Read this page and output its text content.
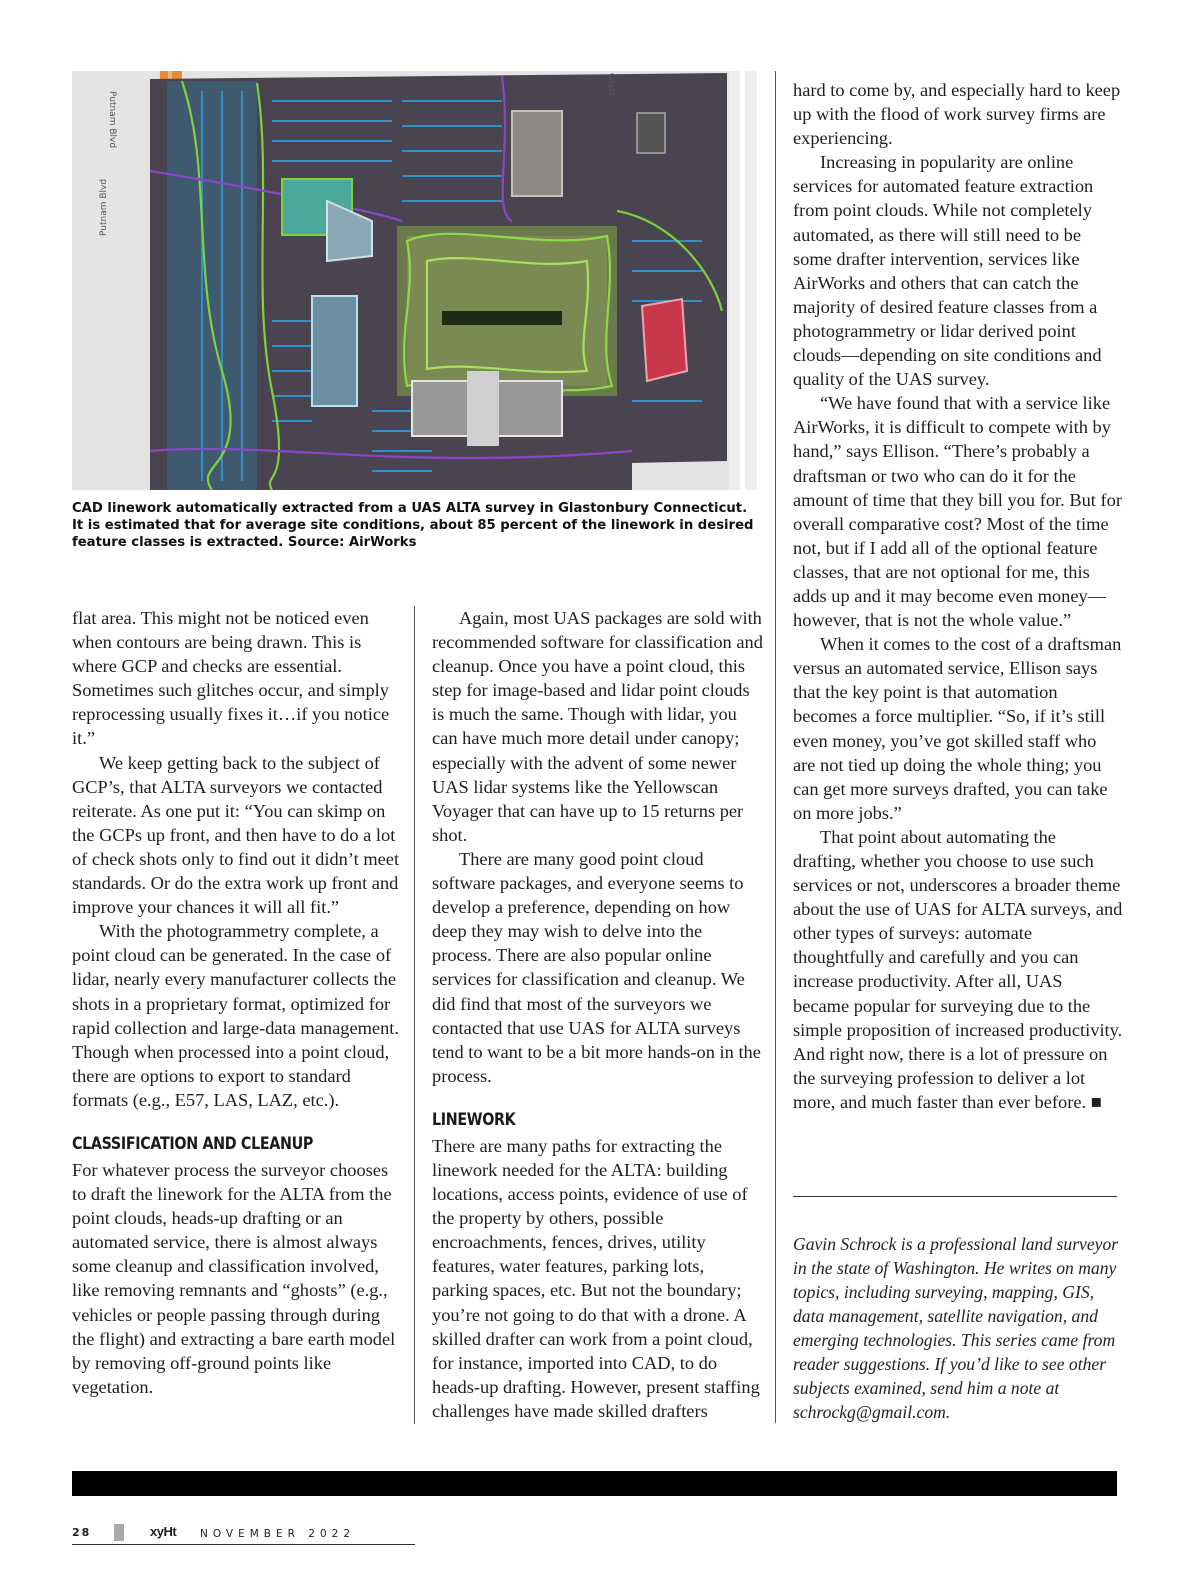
Putnam Blvd
Putnam Blvd
Glast
CAD linework automatically extracted from a UAS ALTA survey in Glastonbury Connecticut. It is estimated that for average site conditions, about 85 percent of the linework in desired feature classes is extracted. Source: AirWorks

flat area. This might not be noticed even when contours are being drawn. This is where GCP and checks are essential. Sometimes such glitches occur, and simply reprocessing usually fixes it…if you notice it.”

We keep getting back to the subject of GCP’s, that ALTA surveyors we contacted reiterate. As one put it: “You can skimp on the GCPs up front, and then have to do a lot of check shots only to find out it didn’t meet standards. Or do the extra work up front and improve your chances it will all fit.”

With the photogrammetry complete, a point cloud can be generated. In the case of lidar, nearly every manufacturer collects the shots in a proprietary format, optimized for rapid collection and large-data management. Though when processed into a point cloud, there are options to export to standard formats (e.g., E57, LAS, LAZ, etc.).

CLASSIFICATION AND CLEANUP

For whatever process the surveyor chooses to draft the linework for the ALTA from the point clouds, heads-up drafting or an automated service, there is almost always some cleanup and classification involved, like removing remnants and “ghosts” (e.g., vehicles or people passing through during the flight) and extracting a bare earth model by removing off-ground points like vegetation.

Again, most UAS packages are sold with recommended software for classification and cleanup. Once you have a point cloud, this step for image-based and lidar point clouds is much the same. Though with lidar, you can have much more detail under canopy; especially with the advent of some newer UAS lidar systems like the Yellowscan Voyager that can have up to 15 returns per shot.

There are many good point cloud software packages, and everyone seems to develop a preference, depending on how deep they may wish to delve into the process. There are also popular online services for classification and cleanup. We did find that most of the surveyors we contacted that use UAS for ALTA surveys tend to want to be a bit more hands-on in the process.

LINEWORK

There are many paths for extracting the linework needed for the ALTA: building locations, access points, evidence of use of the property by others, possible encroachments, fences, drives, utility features, water features, parking lots, parking spaces, etc. But not the boundary; you’re not going to do that with a drone. A skilled drafter can work from a point cloud, for instance, imported into CAD, to do heads-up drafting. However, present staffing challenges have made skilled drafters

hard to come by, and especially hard to keep up with the flood of work survey firms are experiencing.

Increasing in popularity are online services for automated feature extraction from point clouds. While not completely automated, as there will still need to be some drafter intervention, services like AirWorks and others that can catch the majority of desired feature classes from a photogrammetry or lidar derived point clouds—depending on site conditions and quality of the UAS survey.

“We have found that with a service like AirWorks, it is difficult to compete with by hand,” says Ellison. “There’s probably a draftsman or two who can do it for the amount of time that they bill you for. But for overall comparative cost? Most of the time not, but if I add all of the optional feature classes, that are not optional for me, this adds up and it may become even money—however, that is not the whole value.”

When it comes to the cost of a draftsman versus an automated service, Ellison says that the key point is that automation becomes a force multiplier. “So, if it’s still even money, you’ve got skilled staff who are not tied up doing the whole thing; you can get more surveys drafted, you can take on more jobs.”

That point about automating the drafting, whether you choose to use such services or not, underscores a broader theme about the use of UAS for ALTA surveys, and other types of surveys: automate thoughtfully and carefully and you can increase productivity. After all, UAS became popular for surveying due to the simple proposition of increased productivity. And right now, there is a lot of pressure on the surveying profession to deliver a lot more, and much faster than ever before. ■

Gavin Schrock is a professional land surveyor in the state of Washington. He writes on many topics, including surveying, mapping, GIS, data management, satellite navigation, and emerging technologies. This series came from reader suggestions. If you’d like to see other subjects examined, send him a note at schrockg@gmail.com.
28	xyHt NOVEMBER 2022
